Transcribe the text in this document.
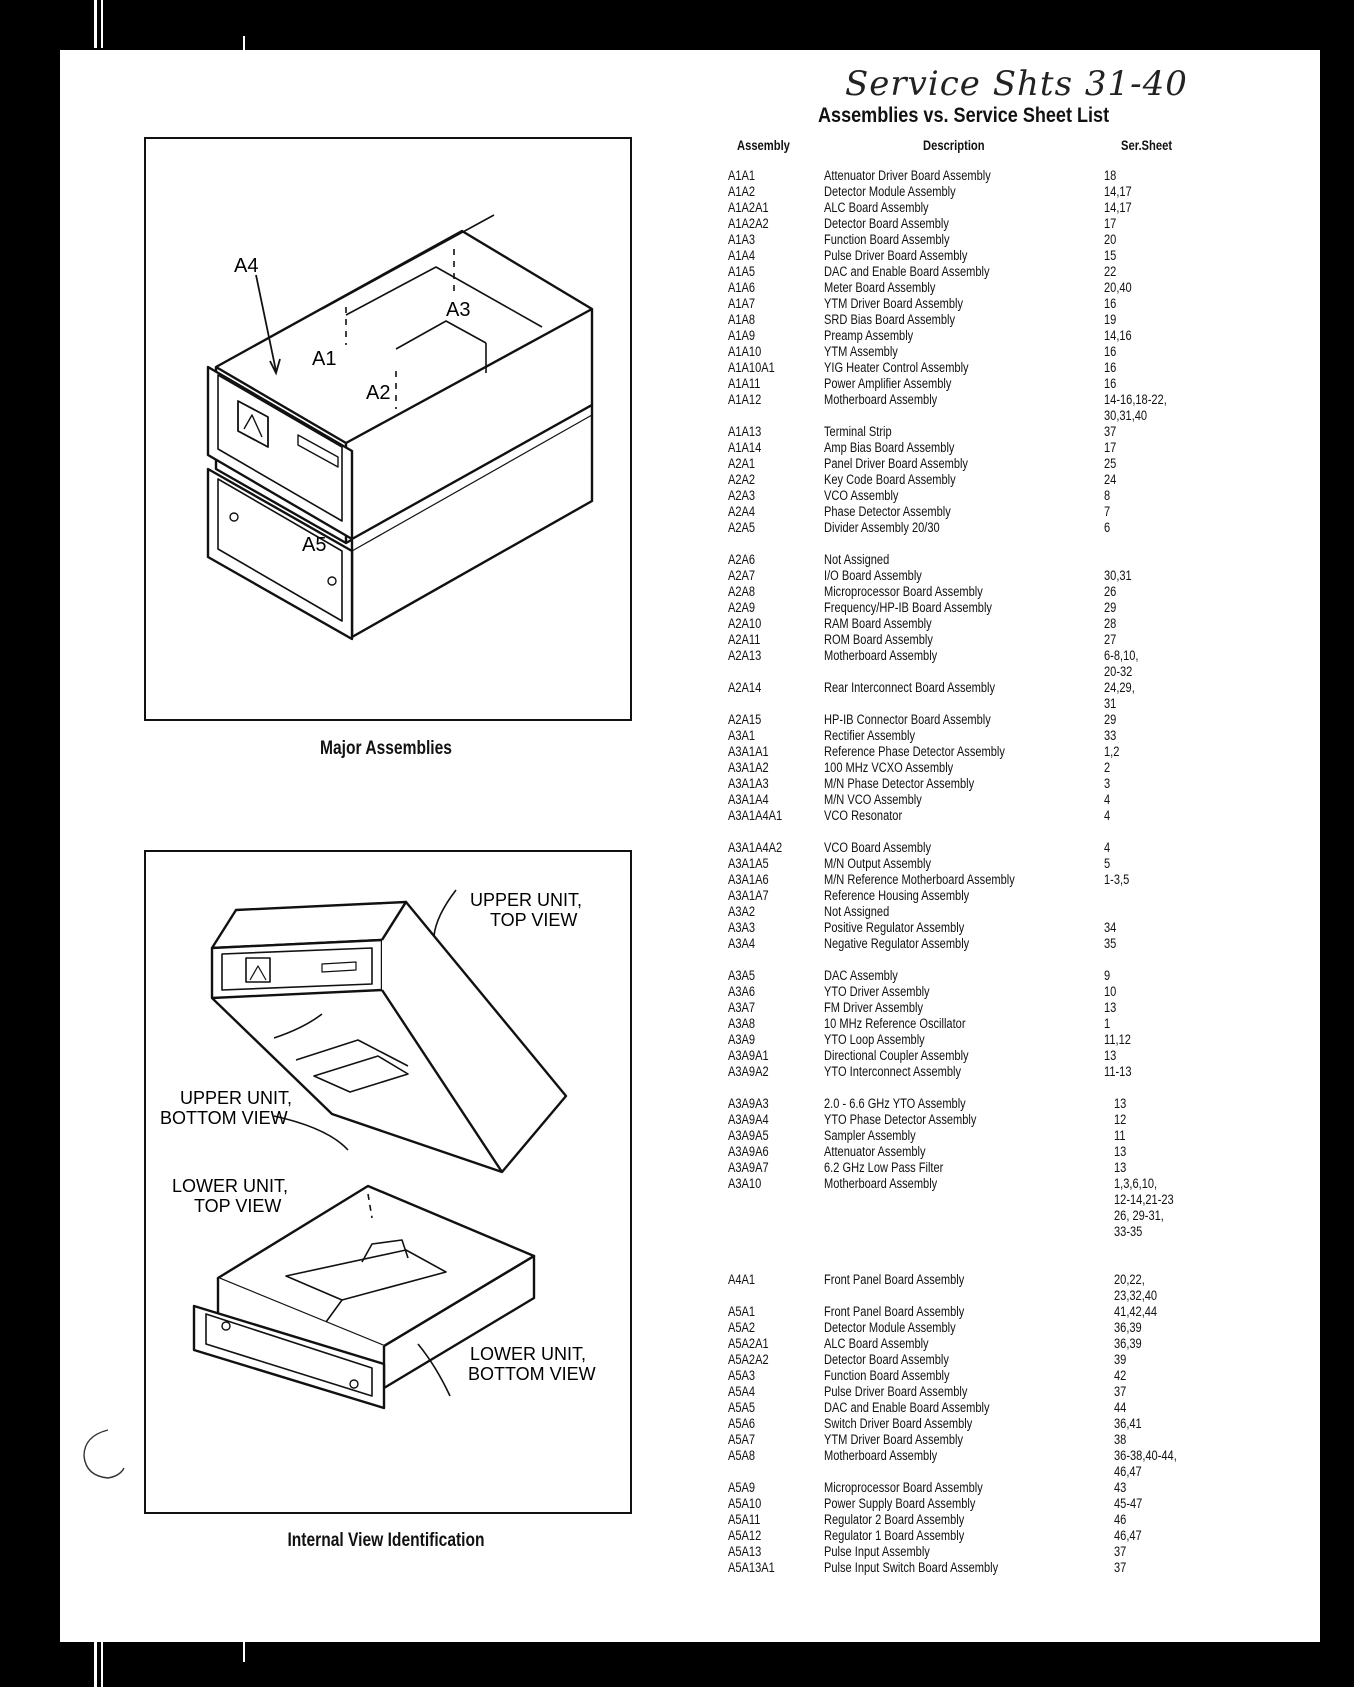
Service Shts 31-40
Assemblies vs. Service Sheet List
Assembly	Description	Ser.Sheet
A1A1	Attenuator Driver Board Assembly	18
A1A2	Detector Module Assembly	14,17
A1A2A1	ALC Board Assembly	14,17
A1A2A2	Detector Board Assembly	17
A1A3	Function Board Assembly	20
A1A4	Pulse Driver Board Assembly	15
A1A5	DAC and Enable Board Assembly	22
A1A6	Meter Board Assembly	20,40
A1A7	YTM Driver Board Assembly	16
A1A8	SRD Bias Board Assembly	19
A1A9	Preamp Assembly	14,16
A1A10	YTM Assembly	16
A1A10A1	YIG Heater Control Assembly	16
A1A11	Power Amplifier Assembly	16
A1A12	Motherboard Assembly	14-16,18-22,
30,31,40
A1A13	Terminal Strip	37
A1A14	Amp Bias Board Assembly	17
A2A1	Panel Driver Board Assembly	25
A2A2	Key Code Board Assembly	24
A2A3	VCO Assembly	8
A2A4	Phase Detector Assembly	7
A2A5	Divider Assembly 20/30	6
A2A6	Not Assigned
A2A7	I/O Board Assembly	30,31
A2A8	Microprocessor Board Assembly	26
A2A9	Frequency/HP-IB Board Assembly	29
A2A10	RAM Board Assembly	28
A2A11	ROM Board Assembly	27
A2A13	Motherboard Assembly	6-8,10,
20-32
A2A14	Rear Interconnect Board Assembly	24,29,
31
A2A15	HP-IB Connector Board Assembly	29
A3A1	Rectifier Assembly	33
A3A1A1	Reference Phase Detector Assembly	1,2
A3A1A2	100 MHz VCXO Assembly	2
A3A1A3	M/N Phase Detector Assembly	3
A3A1A4	M/N VCO Assembly	4
A3A1A4A1	VCO Resonator	4
A3A1A4A2	VCO Board Assembly	4
A3A1A5	M/N Output Assembly	5
A3A1A6	M/N Reference Motherboard Assembly	1-3,5
A3A1A7	Reference Housing Assembly
A3A2	Not Assigned
A3A3	Positive Regulator Assembly	34
A3A4	Negative Regulator Assembly	35
A3A5	DAC Assembly	9
A3A6	YTO Driver Assembly	10
A3A7	FM Driver Assembly	13
A3A8	10 MHz Reference Oscillator	1
A3A9	YTO Loop Assembly	11,12
A3A9A1	Directional Coupler Assembly	13
A3A9A2	YTO Interconnect Assembly	11-13
A3A9A3	2.0 - 6.6 GHz YTO Assembly	13
A3A9A4	YTO Phase Detector Assembly	12
A3A9A5	Sampler Assembly	11
A3A9A6	Attenuator Assembly	13
A3A9A7	6.2 GHz Low Pass Filter	13
A3A10	Motherboard Assembly	1,3,6,10,
12-14,21-23
26, 29-31,
33-35
A4A1	Front Panel Board Assembly	20,22,
23,32,40
A5A1	Front Panel Board Assembly	41,42,44
A5A2	Detector Module Assembly	36,39
A5A2A1	ALC Board Assembly	36,39
A5A2A2	Detector Board Assembly	39
A5A3	Function Board Assembly	42
A5A4	Pulse Driver Board Assembly	37
A5A5	DAC and Enable Board Assembly	44
A5A6	Switch Driver Board Assembly	36,41
A5A7	YTM Driver Board Assembly	38
A5A8	Motherboard Assembly	36-38,40-44,
46,47
A5A9	Microprocessor Board Assembly	43
A5A10	Power Supply Board Assembly	45-47
A5A11	Regulator 2 Board Assembly	46
A5A12	Regulator 1 Board Assembly	46,47
A5A13	Pulse Input Assembly	37
A5A13A1	Pulse Input Switch Board Assembly	37
A4
A3
A1
A2
A5
Major Assemblies
UPPER UNIT,
TOP VIEW
UPPER UNIT,
BOTTOM VIEW
LOWER UNIT,
TOP VIEW
LOWER UNIT,
BOTTOM VIEW
Internal View Identification
